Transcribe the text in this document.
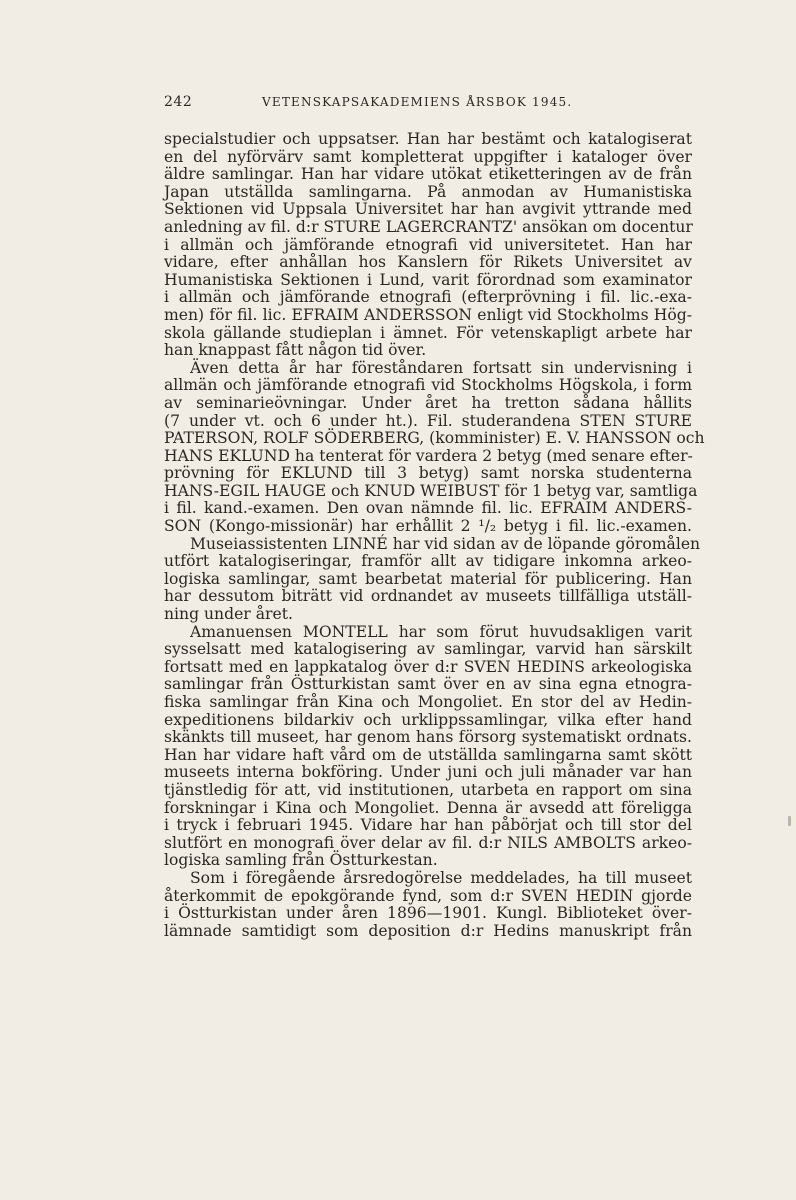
242	VETENSKAPSAKADEMIENS ÅRSBOK 1945.
specialstudier och uppsatser. Han har bestämt och katalogiserat
en del nyförvärv samt kompletterat uppgifter i kataloger över
äldre samlingar. Han har vidare utökat etiketteringen av de från
Japan utställda samlingarna. På anmodan av Humanistiska
Sektionen vid Uppsala Universitet har han avgivit yttrande med
anledning av fil. d:r STURE LAGERCRANTZ' ansökan om docentur
i allmän och jämförande etnografi vid universitetet. Han har
vidare, efter anhållan hos Kanslern för Rikets Universitet av
Humanistiska Sektionen i Lund, varit förordnad som examinator
i allmän och jämförande etnografi (efterprövning i fil. lic.-exa-
men) för fil. lic. EFRAIM ANDERSSON enligt vid Stockholms Hög-
skola gällande studieplan i ämnet. För vetenskapligt arbete har
han knappast fått någon tid över.
Även detta år har föreståndaren fortsatt sin undervisning i
allmän och jämförande etnografi vid Stockholms Högskola, i form
av seminarieövningar. Under året ha tretton sådana hållits
(7 under vt. och 6 under ht.). Fil. studerandena STEN STURE
PATERSON, ROLF SÖDERBERG, (komminister) E. V. HANSSON och
HANS EKLUND ha tenterat för vardera 2 betyg (med senare efter-
prövning för EKLUND till 3 betyg) samt norska studenterna
HANS-EGIL HAUGE och KNUD WEIBUST för 1 betyg var, samtliga
i fil. kand.-examen. Den ovan nämnde fil. lic. EFRAIM ANDERS-
SON (Kongo-missionär) har erhållit 2 ¹/₂ betyg i fil. lic.-examen.
Museiassistenten LINNÉ har vid sidan av de löpande göromålen
utfört katalogiseringar, framför allt av tidigare inkomna arkeo-
logiska samlingar, samt bearbetat material för publicering. Han
har dessutom biträtt vid ordnandet av museets tillfälliga utställ-
ning under året.
Amanuensen MONTELL har som förut huvudsakligen varit
sysselsatt med katalogisering av samlingar, varvid han särskilt
fortsatt med en lappkatalog över d:r SVEN HEDINS arkeologiska
samlingar från Östturkistan samt över en av sina egna etnogra-
fiska samlingar från Kina och Mongoliet. En stor del av Hedin-
expeditionens bildarkiv och urklippssamlingar, vilka efter hand
skänkts till museet, har genom hans försorg systematiskt ordnats.
Han har vidare haft vård om de utställda samlingarna samt skött
museets interna bokföring. Under juni och juli månader var han
tjänstledig för att, vid institutionen, utarbeta en rapport om sina
forskningar i Kina och Mongoliet. Denna är avsedd att föreligga
i tryck i februari 1945. Vidare har han påbörjat och till stor del
slutfört en monografi över delar av fil. d:r NILS AMBOLTS arkeo-
logiska samling från Östturkestan.
Som i föregående årsredogörelse meddelades, ha till museet
återkommit de epokgörande fynd, som d:r SVEN HEDIN gjorde
i Östturkistan under åren 1896—1901. Kungl. Biblioteket över-
lämnade samtidigt som deposition d:r Hedins manuskript från
